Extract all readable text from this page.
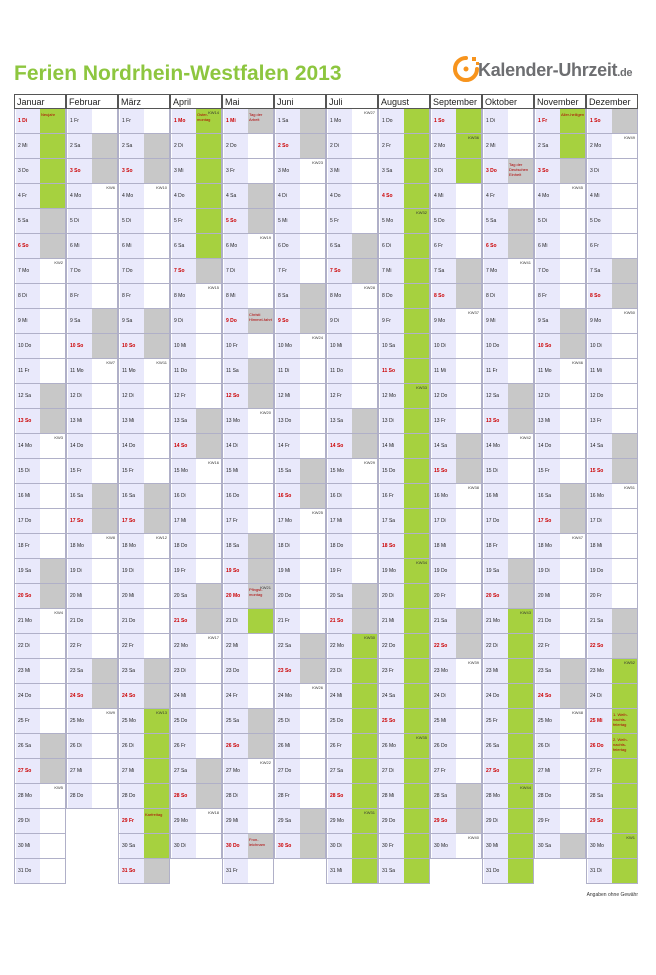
Ferien Nordrhein-Westfalen 2013	Kalender-Uhrzeit.de
Januar
1 Di
Neujahr
2 Mi
3 Do
4 Fr
5 Sa
6 So
7 Mo
KW2
8 Di
9 Mi
10 Do
11 Fr
12 Sa
13 So
14 Mo
KW3
15 Di
16 Mi
17 Do
18 Fr
19 Sa
20 So
21 Mo
KW4
22 Di
23 Mi
24 Do
25 Fr
26 Sa
27 So
28 Mo
KW5
29 Di
30 Mi
31 Do
Februar
1 Fr
2 Sa
3 So
4 Mo
KW6
5 Di
6 Mi
7 Do
8 Fr
9 Sa
10 So
11 Mo
KW7
12 Di
13 Mi
14 Do
15 Fr
16 Sa
17 So
18 Mo
KW8
19 Di
20 Mi
21 Do
22 Fr
23 Sa
24 So
25 Mo
KW9
26 Di
27 Mi
28 Do
März
1 Fr
2 Sa
3 So
4 Mo
KW10
5 Di
6 Mi
7 Do
8 Fr
9 Sa
10 So
11 Mo
KW11
12 Di
13 Mi
14 Do
15 Fr
16 Sa
17 So
18 Mo
KW12
19 Di
20 Mi
21 Do
22 Fr
23 Sa
24 So
25 Mo
KW13
26 Di
27 Mi
28 Do
29 Fr
Karfreitag
30 Sa
31 So
April
1 Mo
KW14
Oster-montag
2 Di
3 Mi
4 Do
5 Fr
6 Sa
7 So
8 Mo
KW15
9 Di
10 Mi
11 Do
12 Fr
13 Sa
14 So
15 Mo
KW16
16 Di
17 Mi
18 Do
19 Fr
20 Sa
21 So
22 Mo
KW17
23 Di
24 Mi
25 Do
26 Fr
27 Sa
28 So
29 Mo
KW18
30 Di
Mai
1 Mi
Tag der Arbeit
2 Do
3 Fr
4 Sa
5 So
6 Mo
KW19
7 Di
8 Mi
9 Do
Christi Himmel-fahrt
10 Fr
11 Sa
12 So
13 Mo
KW20
14 Di
15 Mi
16 Do
17 Fr
18 Sa
19 So
20 Mo
KW21
Pfingst-montag
21 Di
22 Mi
23 Do
24 Fr
25 Sa
26 So
27 Mo
KW22
28 Di
29 Mi
30 Do
Fron-leichnam
31 Fr
Juni
1 Sa
2 So
3 Mo
KW23
4 Di
5 Mi
6 Do
7 Fr
8 Sa
9 So
10 Mo
KW24
11 Di
12 Mi
13 Do
14 Fr
15 Sa
16 So
17 Mo
KW25
18 Di
19 Mi
20 Do
21 Fr
22 Sa
23 So
24 Mo
KW26
25 Di
26 Mi
27 Do
28 Fr
29 Sa
30 So
Juli
1 Mo
KW27
2 Di
3 Mi
4 Do
5 Fr
6 Sa
7 So
8 Mo
KW28
9 Di
10 Mi
11 Do
12 Fr
13 Sa
14 So
15 Mo
KW29
16 Di
17 Mi
18 Do
19 Fr
20 Sa
21 So
22 Mo
KW30
23 Di
24 Mi
25 Do
26 Fr
27 Sa
28 So
29 Mo
KW31
30 Di
31 Mi
August
1 Do
2 Fr
3 Sa
4 So
5 Mo
KW32
6 Di
7 Mi
8 Do
9 Fr
10 Sa
11 So
12 Mo
KW33
13 Di
14 Mi
15 Do
16 Fr
17 Sa
18 So
19 Mo
KW34
20 Di
21 Mi
22 Do
23 Fr
24 Sa
25 So
26 Mo
KW35
27 Di
28 Mi
29 Do
30 Fr
31 Sa
September
1 So
2 Mo
KW36
3 Di
4 Mi
5 Do
6 Fr
7 Sa
8 So
9 Mo
KW37
10 Di
11 Mi
12 Do
13 Fr
14 Sa
15 So
16 Mo
KW38
17 Di
18 Mi
19 Do
20 Fr
21 Sa
22 So
23 Mo
KW39
24 Di
25 Mi
26 Do
27 Fr
28 Sa
29 So
30 Mo
KW40
Oktober
1 Di
2 Mi
3 Do
Tag der Deutschen Einheit
4 Fr
5 Sa
6 So
7 Mo
KW41
8 Di
9 Mi
10 Do
11 Fr
12 Sa
13 So
14 Mo
KW42
15 Di
16 Mi
17 Do
18 Fr
19 Sa
20 So
21 Mo
KW43
22 Di
23 Mi
24 Do
25 Fr
26 Sa
27 So
28 Mo
KW44
29 Di
30 Mi
31 Do
November
1 Fr
Aller-heiligen
2 Sa
3 So
4 Mo
KW45
5 Di
6 Mi
7 Do
8 Fr
9 Sa
10 So
11 Mo
KW46
12 Di
13 Mi
14 Do
15 Fr
16 Sa
17 So
18 Mo
KW47
19 Di
20 Mi
21 Do
22 Fr
23 Sa
24 So
25 Mo
KW48
26 Di
27 Mi
28 Do
29 Fr
30 Sa
Dezember
1 So
2 Mo
KW49
3 Di
4 Mi
5 Do
6 Fr
7 Sa
8 So
9 Mo
KW50
10 Di
11 Mi
12 Do
13 Fr
14 Sa
15 So
16 Mo
KW51
17 Di
18 Mi
19 Do
20 Fr
21 Sa
22 So
23 Mo
KW52
24 Di
25 Mi
1. Weih-nachts-feiertag
26 Do
2. Weih-nachts-feiertag
27 Fr
28 Sa
29 So
30 Mo
KW1
31 Di
Angaben ohne Gewähr
